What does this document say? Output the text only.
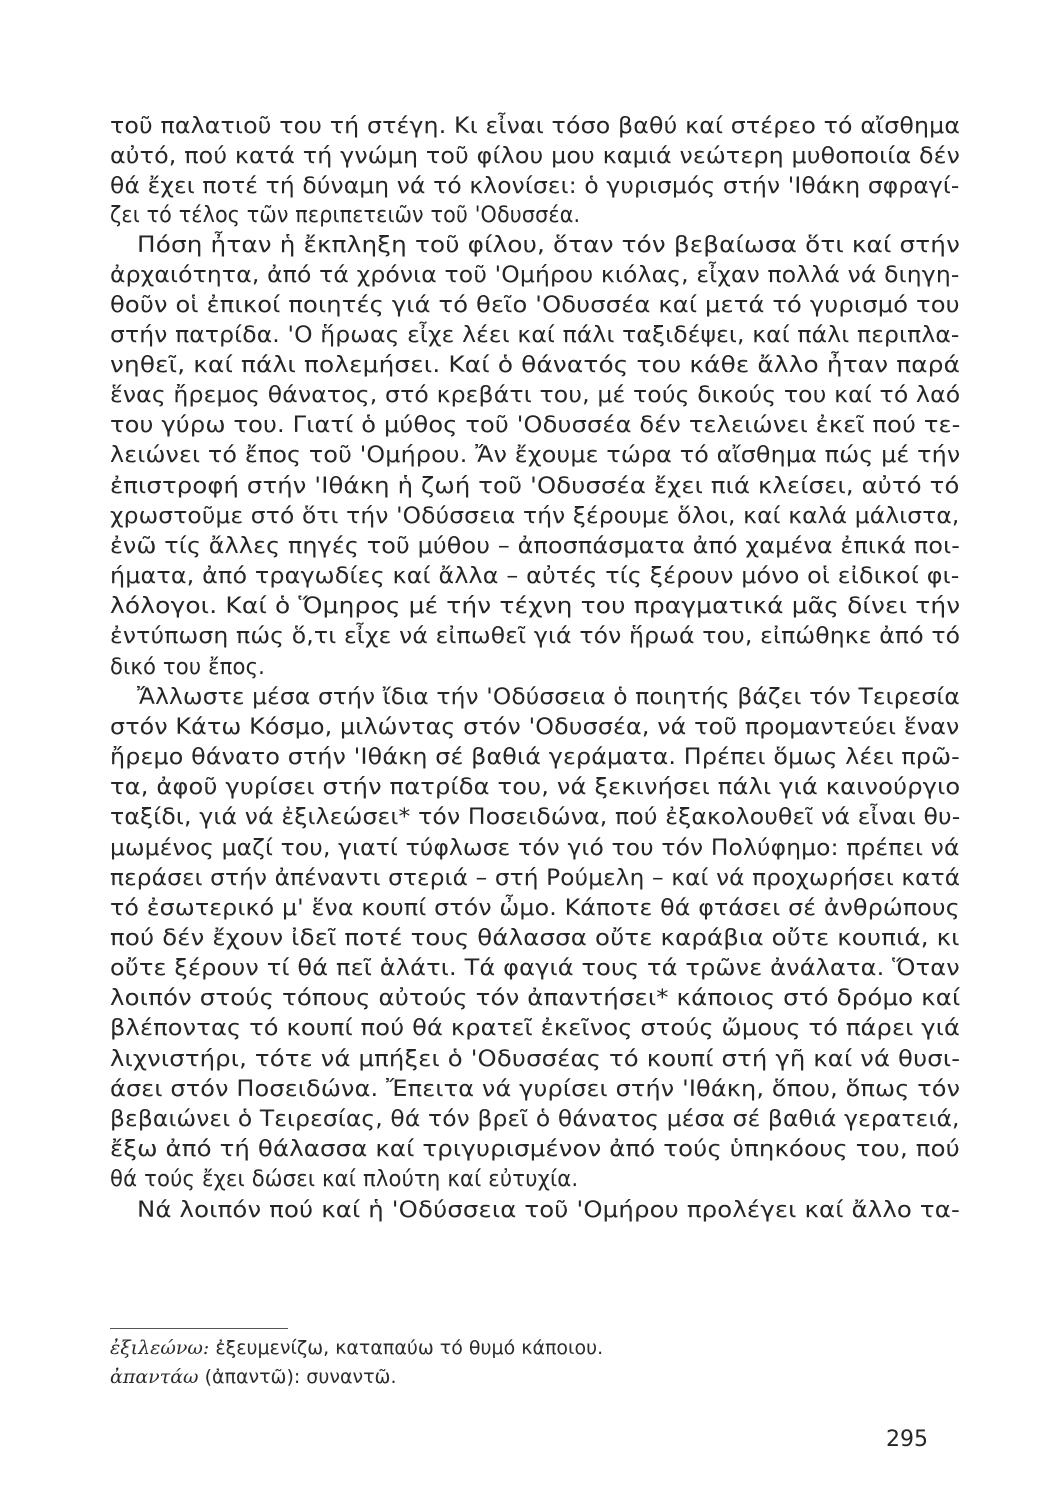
τοῦ παλατιοῦ του τή στέγη. Κι εἶναι τόσο βαθύ καί στέρεο τό αἴσθημα
αὐτό, πού κατά τή γνώμη τοῦ φίλου μου καμιά νεώτερη μυθοποιία δέν
θά ἔχει ποτέ τή δύναμη νά τό κλονίσει: ὁ γυρισμός στήν 'Ιθάκη σφραγί-
ζει τό τέλος τῶν περιπετειῶν τοῦ 'Οδυσσέα.
Πόση ἦταν ἡ ἔκπληξη τοῦ φίλου, ὅταν τόν βεβαίωσα ὅτι καί στήν
ἀρχαιότητα, ἀπό τά χρόνια τοῦ 'Ομήρου κιόλας, εἶχαν πολλά νά διηγη-
θοῦν οἱ ἐπικοί ποιητές γιά τό θεῖο 'Οδυσσέα καί μετά τό γυρισμό του
στήν πατρίδα. 'Ο ἥρωας εἶχε λέει καί πάλι ταξιδέψει, καί πάλι περιπλα-
νηθεῖ, καί πάλι πολεμήσει. Καί ὁ θάνατός του κάθε ἄλλο ἦταν παρά
ἕνας ἤρεμος θάνατος, στό κρεβάτι του, μέ τούς δικούς του καί τό λαό
του γύρω του. Γιατί ὁ μύθος τοῦ 'Οδυσσέα δέν τελειώνει ἐκεῖ πού τε-
λειώνει τό ἔπος τοῦ 'Ομήρου. Ἄν ἔχουμε τώρα τό αἴσθημα πώς μέ τήν
ἐπιστροφή στήν 'Ιθάκη ἡ ζωή τοῦ 'Οδυσσέα ἔχει πιά κλείσει, αὐτό τό
χρωστοῦμε στό ὅτι τήν 'Οδύσσεια τήν ξέρουμε ὅλοι, καί καλά μάλιστα,
ἐνῶ τίς ἄλλες πηγές τοῦ μύθου – ἀποσπάσματα ἀπό χαμένα ἐπικά ποι-
ήματα, ἀπό τραγωδίες καί ἄλλα – αὐτές τίς ξέρουν μόνο οἱ εἰδικοί φι-
λόλογοι. Καί ὁ Ὅμηρος μέ τήν τέχνη του πραγματικά μᾶς δίνει τήν
ἐντύπωση πώς ὅ,τι εἶχε νά εἰπωθεῖ γιά τόν ἥρωά του, εἰπώθηκε ἀπό τό
δικό του ἔπος.
Ἄλλωστε μέσα στήν ἴδια τήν 'Οδύσσεια ὁ ποιητής βάζει τόν Τειρεσία
στόν Κάτω Κόσμο, μιλώντας στόν 'Οδυσσέα, νά τοῦ προμαντεύει ἕναν
ἤρεμο θάνατο στήν 'Ιθάκη σέ βαθιά γεράματα. Πρέπει ὅμως λέει πρῶ-
τα, ἀφοῦ γυρίσει στήν πατρίδα του, νά ξεκινήσει πάλι γιά καινούργιο
ταξίδι, γιά νά ἐξιλεώσει* τόν Ποσειδώνα, πού ἐξακολουθεῖ νά εἶναι θυ-
μωμένος μαζί του, γιατί τύφλωσε τόν γιό του τόν Πολύφημο: πρέπει νά
περάσει στήν ἀπέναντι στεριά – στή Ρούμελη – καί νά προχωρήσει κατά
τό ἐσωτερικό μ' ἕνα κουπί στόν ὦμο. Κάποτε θά φτάσει σέ ἀνθρώπους
πού δέν ἔχουν ἰδεῖ ποτέ τους θάλασσα οὔτε καράβια οὔτε κουπιά, κι
οὔτε ξέρουν τί θά πεῖ ἁλάτι. Τά φαγιά τους τά τρῶνε ἀνάλατα. Ὅταν
λοιπόν στούς τόπους αὐτούς τόν ἀπαντήσει* κάποιος στό δρόμο καί
βλέποντας τό κουπί πού θά κρατεῖ ἐκεῖνος στούς ὤμους τό πάρει γιά
λιχνιστήρι, τότε νά μπήξει ὁ 'Οδυσσέας τό κουπί στή γῆ καί νά θυσι-
άσει στόν Ποσειδώνα. Ἔπειτα νά γυρίσει στήν 'Ιθάκη, ὅπου, ὅπως τόν
βεβαιώνει ὁ Τειρεσίας, θά τόν βρεῖ ὁ θάνατος μέσα σέ βαθιά γερατειά,
ἔξω ἀπό τή θάλασσα καί τριγυρισμένον ἀπό τούς ὑπηκόους του, πού
θά τούς ἔχει δώσει καί πλούτη καί εὐτυχία.
Νά λοιπόν πού καί ἡ 'Οδύσσεια τοῦ 'Ομήρου προλέγει καί ἄλλο τα-
ἐξιλεώνω: ἐξευμενίζω, καταπαύω τό θυμό κάποιου.
ἀπαντάω (ἀπαντῶ): συναντῶ.
295
